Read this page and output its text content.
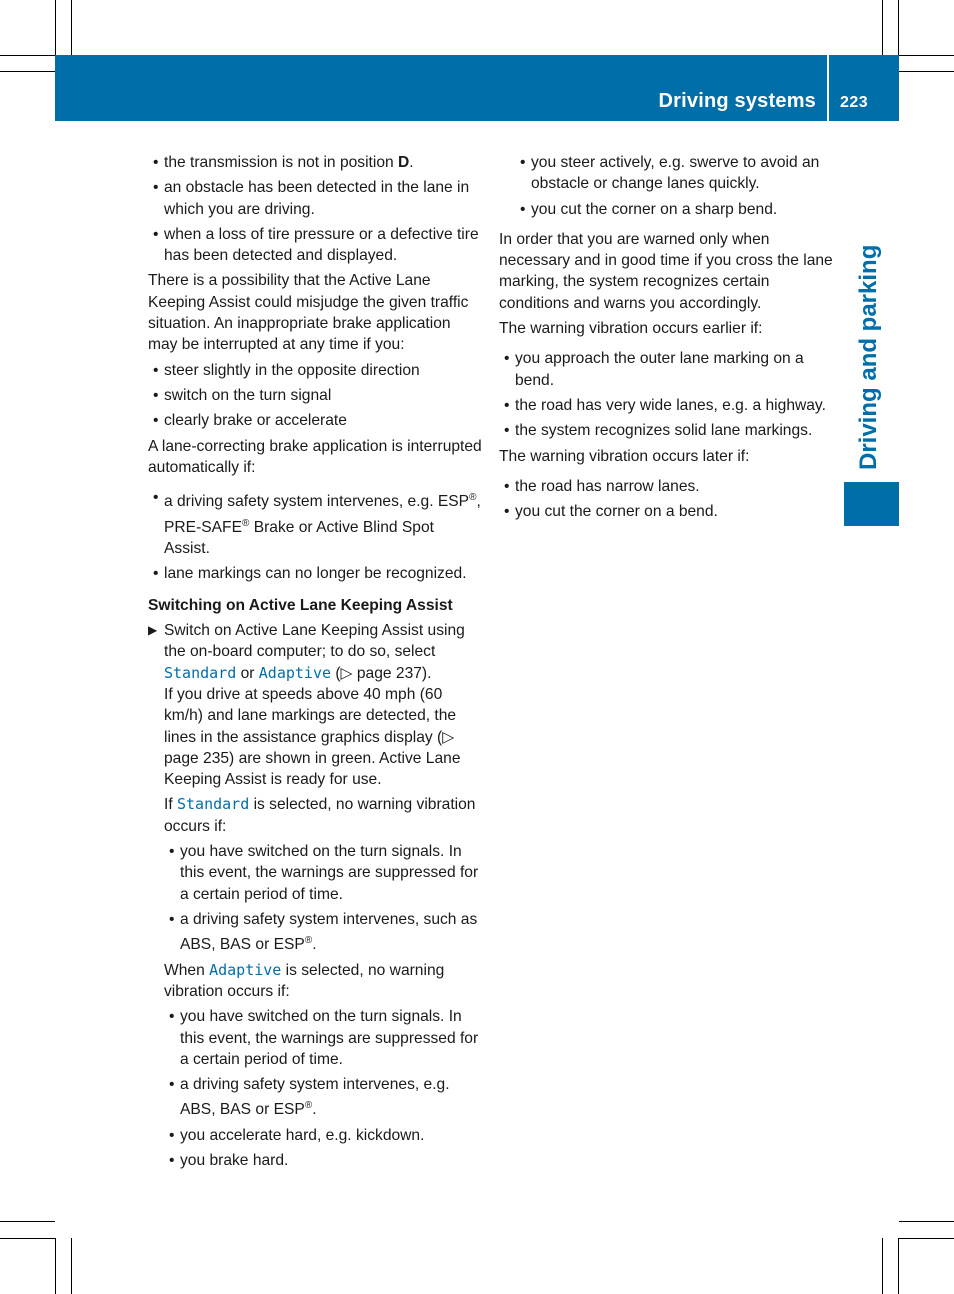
Driving systems 223
Driving and parking
• the transmission is not in position D.
• an obstacle has been detected in the lane in which you are driving.
• when a loss of tire pressure or a defective tire has been detected and displayed.

There is a possibility that the Active Lane Keeping Assist could misjudge the given traffic situation. An inappropriate brake application may be interrupted at any time if you:

• steer slightly in the opposite direction
• switch on the turn signal
• clearly brake or accelerate

A lane-correcting brake application is interrupted automatically if:

• a driving safety system intervenes, e.g. ESP®, PRE-SAFE® Brake or Active Blind Spot Assist.
• lane markings can no longer be recognized.

Switching on Active Lane Keeping Assist

▶ Switch on Active Lane Keeping Assist using the on-board computer; to do so, select Standard or Adaptive (▷ page 237).

If you drive at speeds above 40 mph (60 km/h) and lane markings are detected, the lines in the assistance graphics display (▷ page 235) are shown in green. Active Lane Keeping Assist is ready for use.

If Standard is selected, no warning vibration occurs if:

• you have switched on the turn signals. In this event, the warnings are suppressed for a certain period of time.
• a driving safety system intervenes, such as ABS, BAS or ESP®.

When Adaptive is selected, no warning vibration occurs if:

• you have switched on the turn signals. In this event, the warnings are suppressed for a certain period of time.
• a driving safety system intervenes, e.g. ABS, BAS or ESP®.
• you accelerate hard, e.g. kickdown.
• you brake hard.
• you steer actively, e.g. swerve to avoid an obstacle or change lanes quickly.
• you cut the corner on a sharp bend.

In order that you are warned only when necessary and in good time if you cross the lane marking, the system recognizes certain conditions and warns you accordingly.

The warning vibration occurs earlier if:

• you approach the outer lane marking on a bend.
• the road has very wide lanes, e.g. a highway.
• the system recognizes solid lane markings.

The warning vibration occurs later if:

• the road has narrow lanes.
• you cut the corner on a bend.
